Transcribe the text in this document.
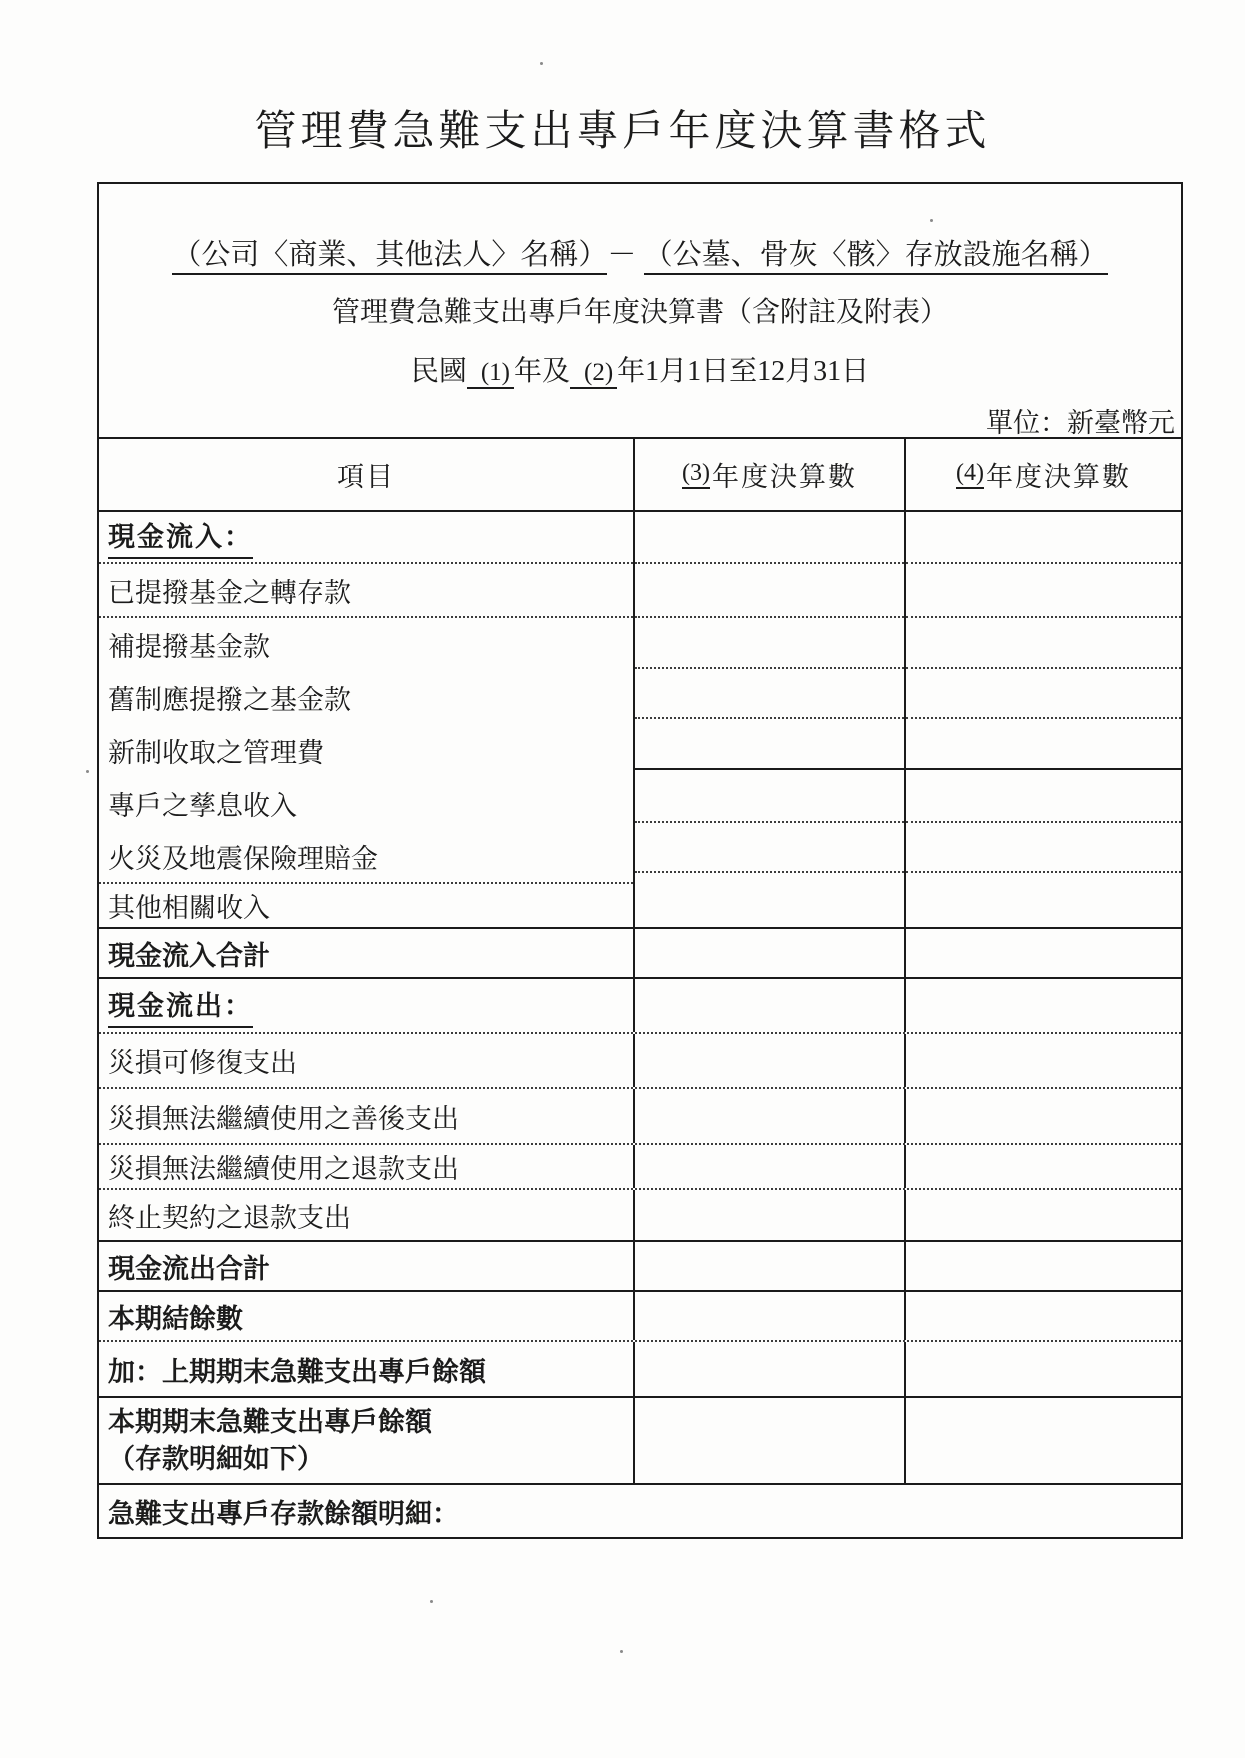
管理費急難支出專戶年度決算書格式
（公司〈商業、其他法人〉名稱）－ （公墓、骨灰〈骸〉存放設施名稱）
管理費急難支出專戶年度決算書（含附註及附表）
民國 (1) 年及 (2) 年1月1日至12月31日
單位：新臺幣元
項目	(3) 年度決算數	(4) 年度決算數
現金流入：
已提撥基金之轉存款
補提撥基金款
舊制應提撥之基金款
新制收取之管理費
專戶之孳息收入
火災及地震保險理賠金
其他相關收入
現金流入合計
現金流出：
災損可修復支出
災損無法繼續使用之善後支出
災損無法繼續使用之退款支出
終止契約之退款支出
現金流出合計
本期結餘數
加：上期期末急難支出專戶餘額
本期期末急難支出專戶餘額
（存款明細如下）
急難支出專戶存款餘額明細：
